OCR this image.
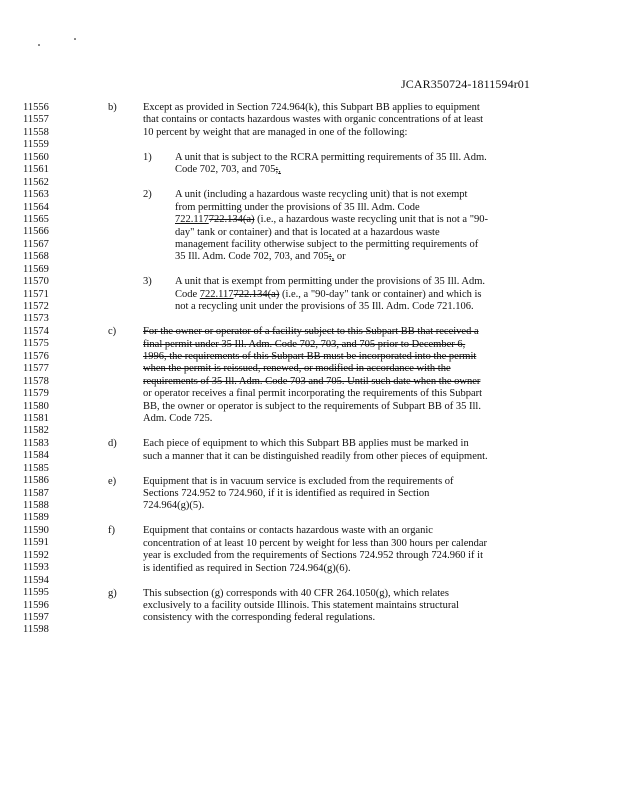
JCAR350724-1811594r01
11556
11557
11558
11559
11560
11561
11562
11563
11564
11565
11566
11567
11568
11569
11570
11571
11572
11573
11574
11575
11576
11577
11578
11579
11580
11581
11582
11583
11584
11585
11586
11587
11588
11589
11590
11591
11592
11593
11594
11595
11596
11597
11598
b)	Except as provided in Section 724.964(k), this Subpart BB applies to equipment
that contains or contacts hazardous wastes with organic concentrations of at least
10 percent by weight that are managed in one of the following:
1) A unit that is subject to the RCRA permitting requirements of 35 Ill. Adm.
Code 702, 703, and 705;,
2) A unit (including a hazardous waste recycling unit) that is not exempt
from permitting under the provisions of 35 Ill. Adm. Code
722.117722.134(a) (i.e., a hazardous waste recycling unit that is not a "90-
day" tank or container) and that is located at a hazardous waste
management facility otherwise subject to the permitting requirements of
35 Ill. Adm. Code 702, 703, and 705;, or
3) A unit that is exempt from permitting under the provisions of 35 Ill. Adm.
Code 722.117722.134(a) (i.e., a "90-day" tank or container) and which is
not a recycling unit under the provisions of 35 Ill. Adm. Code 721.106.
c)	For the owner or operator of a facility subject to this Subpart BB that received a
final permit under 35 Ill. Adm. Code 702, 703, and 705 prior to December 6,
1996, the requirements of this Subpart BB must be incorporated into the permit
when the permit is reissued, renewed, or modified in accordance with the
requirements of 35 Ill. Adm. Code 703 and 705. Until such date when the owner
or operator receives a final permit incorporating the requirements of this Subpart
BB, the owner or operator is subject to the requirements of Subpart BB of 35 Ill.
Adm. Code 725.
d)	Each piece of equipment to which this Subpart BB applies must be marked in
such a manner that it can be distinguished readily from other pieces of equipment.
e)	Equipment that is in vacuum service is excluded from the requirements of
Sections 724.952 to 724.960, if it is identified as required in Section
724.964(g)(5).
f)	Equipment that contains or contacts hazardous waste with an organic
concentration of at least 10 percent by weight for less than 300 hours per calendar
year is excluded from the requirements of Sections 724.952 through 724.960 if it
is identified as required in Section 724.964(g)(6).
g)	This subsection (g) corresponds with 40 CFR 264.1050(g), which relates
exclusively to a facility outside Illinois. This statement maintains structural
consistency with the corresponding federal regulations.
